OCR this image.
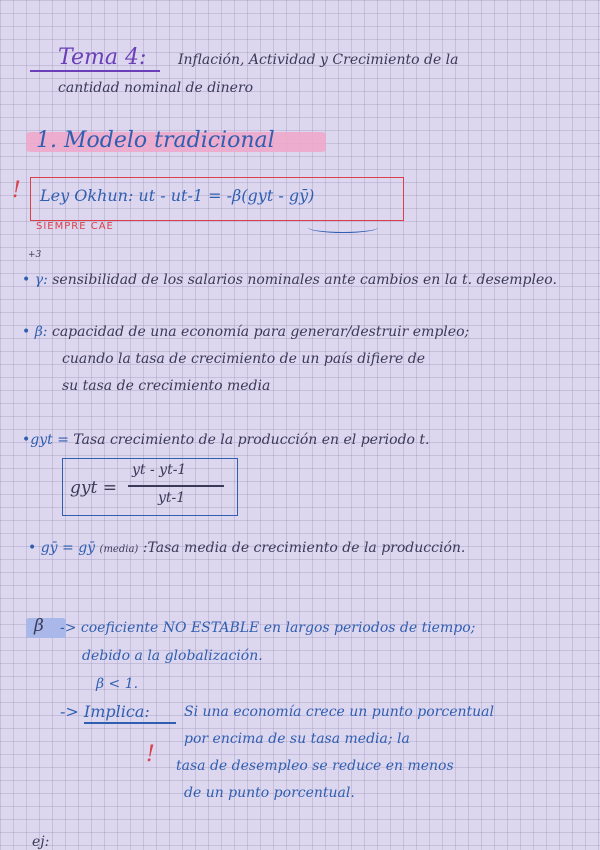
Tema 4: Inflación, Actividad y Crecimiento de la
cantidad nominal de dinero
1. Modelo tradicional
! Ley Okhun: ut - ut-1 = -β(gyt - gȳ)
SIEMPRE CAE
+3
• γ: sensibilidad de los salarios nominales ante cambios en la t. desempleo.
• β: capacidad de una economía para generar/destruir empleo;
cuando la tasa de crecimiento de un país difiere de
su tasa de crecimiento media
•gyt = Tasa crecimiento de la producción en el periodo t.
gyt =
yt - yt-1
yt-1
• gȳ = gȳ (media) :Tasa media de crecimiento de la producción.
β -> coeficiente NO ESTABLE en largos periodos de tiempo;
debido a la globalización.
β < 1.
-> Implica: Si una economía crece un punto porcentual
por encima de su tasa media; la
tasa de desempleo se reduce en menos
de un punto porcentual.
!
ej:
